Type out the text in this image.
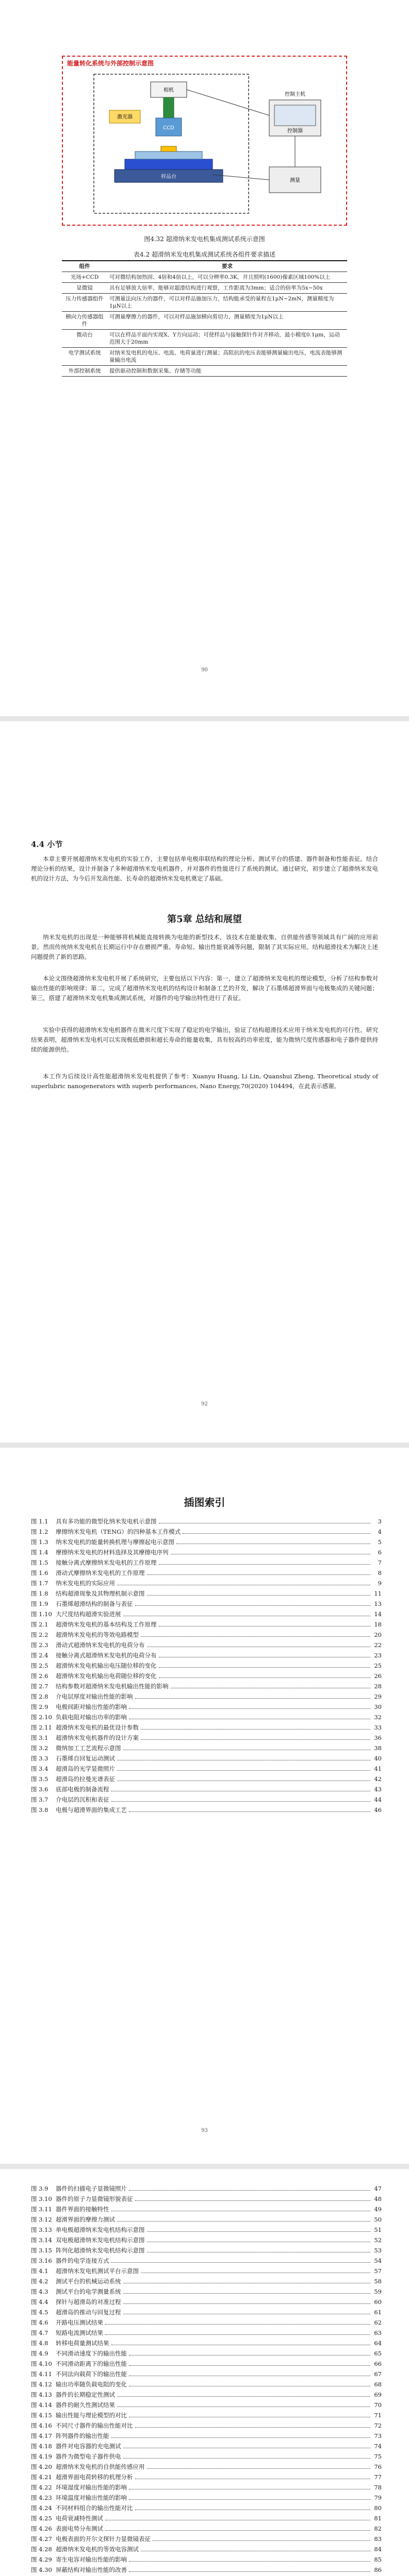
能量转化系统与外部控制示意图
相机
激光器
CCD
样品台
控制器
测量
控制主机
图4.32 超滑纳米发电机集成测试系统示意图
表4.2 超滑纳米发电机集成测试系统各组件要求描述
组件	要求
光场+CCD	可对微结构加热固、4倍和4倍以上，可以分辨率0.3K，并且照明(1600)像素区域100%以上
显微镜	具有足够放大倍率，能够对超滑结构进行观察，工作距离为3mm；适合的倍率为5x~50x
压力传感器组件	可测量法向压力的器件，可以对样品施加压力，结构能承受的量程在1μN~2mN，测量精度为1μN以上
横向力传感器组件	可测量摩擦力的器件，可以对样品施加横向剪切力，测量精度为1μN以上
微动台	可以在样品平面内实现X、Y方向运动；可使样品与接触探针作对齐移动，最小精度0.1μm，运动范围大于20mm
电学测试系统	对纳米发电机的电压、电流、电荷量进行测量；高阻抗的电压表能够测量输出电压，电流表能够测量输出电流
外部控制系统	提供驱动控制和数据采集、存储等功能
90
4.4 小节
本章主要开展超滑纳米发电机的实验工作，主要包括单电极串联结构的理论分析、测试平台的搭建、器件制备和性能表征。结合理论分析的结果，设计并制备了多种超滑纳米发电机器件，并对器件的性能进行了系统的测试。通过研究，初步建立了超滑纳米发电机的设计方法，为今后开发高性能、长寿命的超滑纳米发电机奠定了基础。
第5章 总结和展望
纳米发电机的出现是一种能够将机械能直接转换为电能的新型技术，该技术在能量收集、自供能传感等领域具有广阔的应用前景。然而传统纳米发电机在长期运行中存在磨损严重、寿命短、输出性能衰减等问题，限制了其实际应用。结构超滑技术为解决上述问题提供了新的思路。
本论文围绕超滑纳米发电机开展了系统研究，主要包括以下内容：第一，建立了超滑纳米发电机的理论模型，分析了结构参数对输出性能的影响规律；第二，完成了超滑纳米发电机的结构设计和制备工艺的开发，解决了石墨烯超滑界面与电极集成的关键问题；第三，搭建了超滑纳米发电机集成测试系统，对器件的电学输出特性进行了表征。
实验中获得的超滑纳米发电机器件在微米尺度下实现了稳定的电学输出，验证了结构超滑技术应用于纳米发电机的可行性。研究结果表明，超滑纳米发电机可以实现极低磨损和超长寿命的能量收集，具有较高的功率密度，能为微纳尺度传感器和电子器件提供持续的能源供给。
本工作为后续设计高性能超滑纳米发电机提供了参考：Xuanyu Huang, Li Lin, Quanshui Zheng, Theoretical study of superlubric nanogenerators with superb performances, Nano Energy,70(2020) 104494，在此表示感谢。
92
插图索引
图 1.1	具有多功能的微型化纳米发电机示意图	3
图 1.2	摩擦纳米发电机（TENG）的四种基本工作模式	4
图 1.3	纳米发电机的能量转换机理与摩擦起电示意图	5
图 1.4	摩擦纳米发电机的材料选择及其摩擦电序列	6
图 1.5	接触分离式摩擦纳米发电机的工作原理	7
图 1.6	滑动式摩擦纳米发电机的工作原理	8
图 1.7	纳米发电机的实际应用	9
图 1.8	结构超滑现象及其物理机制示意图	11
图 1.9	石墨烯超滑结构的制备与表征	13
图 1.10 大尺度结构超滑实验进展	14
图 2.1	超滑纳米发电机的基本结构及工作原理	18
图 2.2	超滑纳米发电机的等效电路模型	20
图 2.3	滑动式超滑纳米发电机的电荷分布	22
图 2.4	接触分离式超滑纳米发电机的电荷分布	23
图 2.5	超滑纳米发电机输出电压随位移的变化	25
图 2.6	超滑纳米发电机输出电荷随位移的变化	26
图 2.7	结构参数对超滑纳米发电机输出性能的影响	28
图 2.8	介电层厚度对输出性能的影响	29
图 2.9	电极间距对输出性能的影响	30
图 2.10 负载电阻对输出功率的影响	32
图 2.11 超滑纳米发电机的最优设计参数	33
图 3.1	超滑纳米发电机器件的设计方案	36
图 3.2	微纳加工工艺流程示意图	38
图 3.3	石墨烯自回复运动测试	40
图 3.4	超滑岛的光学显微照片	41
图 3.5	超滑岛的拉曼光谱表征	42
图 3.6	底部电极的制备流程	43
图 3.7	介电层的沉积和表征	44
图 3.8	电极与超滑界面的集成工艺	46
93
图 3.9	器件的扫描电子显微镜照片	47
图 3.10 器件的原子力显微镜形貌表征	48
图 3.11 器件界面的接触特性	49
图 3.12 超滑界面的摩擦力测试	50
图 3.13 单电极超滑纳米发电机结构示意图	51
图 3.14 双电极超滑纳米发电机结构示意图	52
图 3.15 阵列化超滑纳米发电机结构示意图	53
图 3.16 器件的电学连接方式	54
图 4.1	超滑纳米发电机测试平台示意图	57
图 4.2	测试平台的机械运动系统	58
图 4.3	测试平台的电学测量系统	59
图 4.4	探针与超滑岛的对准过程	60
图 4.5	超滑岛的推动与回复过程	61
图 4.6	开路电压测试结果	62
图 4.7	短路电流测试结果	63
图 4.8	转移电荷量测试结果	64
图 4.9	不同滑动速度下的输出性能	65
图 4.10 不同滑动距离下的输出性能	66
图 4.11 不同法向载荷下的输出性能	67
图 4.12 输出功率随负载电阻的变化	68
图 4.13 器件的长期稳定性测试	69
图 4.14 器件的耐久性测试结果	70
图 4.15 输出性能与理论模型的对比	71
图 4.16 不同尺寸器件的输出性能对比	72
图 4.17 阵列器件的输出性能	73
图 4.18 器件对电容器的充电测试	74
图 4.19 器件为微型电子器件供电	75
图 4.20 超滑纳米发电机的自供能传感应用	76
图 4.21 超滑界面电荷转移的机理分析	77
图 4.22 环境湿度对输出性能的影响	78
图 4.23 环境温度对输出性能的影响	79
图 4.24 不同材料组合的输出性能对比	80
图 4.25 电荷衰减特性测试	81
图 4.26 表面电势分布测试	82
图 4.27 电极表面的开尔文探针力显微镜表征	83
图 4.28 超滑纳米发电机的等效电容测试	84
图 4.29 寄生电容对输出性能的影响	85
图 4.30 屏蔽结构对输出性能的改善	86
